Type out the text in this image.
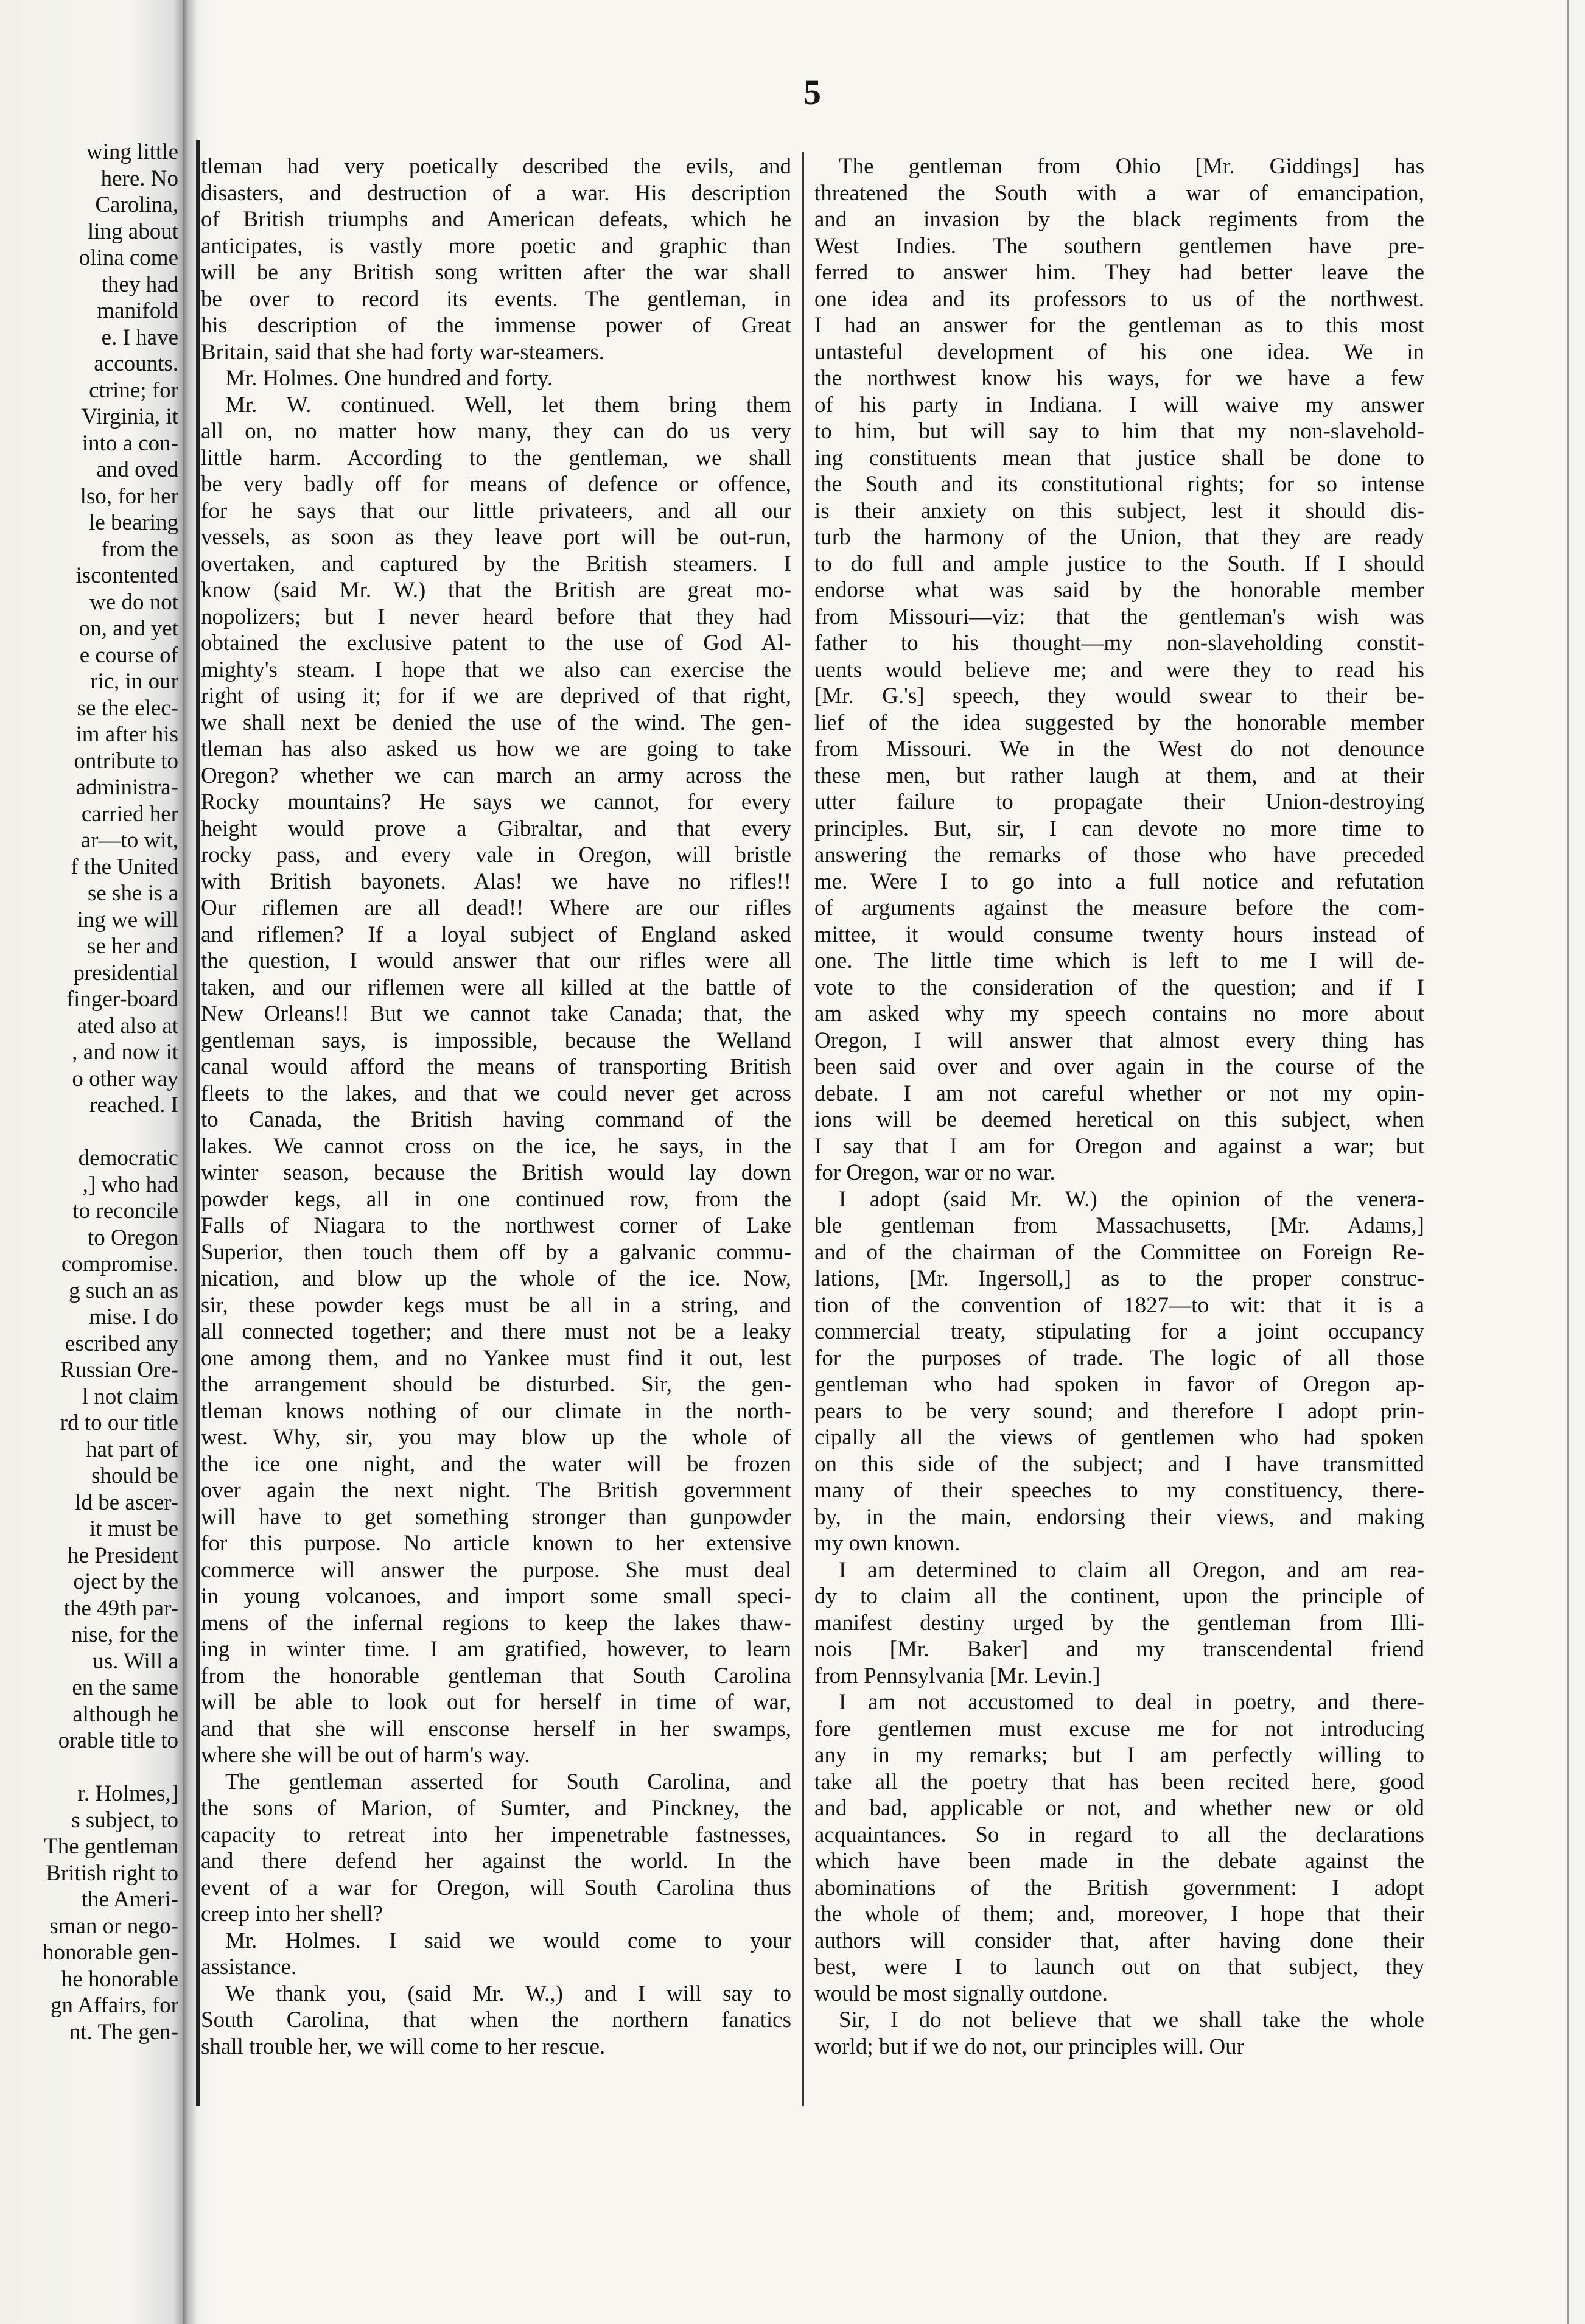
wing little
here. No
Carolina,
ling about
olina come
they had
manifold
e. I have
accounts.
ctrine; for
Virginia, it
into a con-
and oved
lso, for her
le bearing
from the
iscontented
we do not
on, and yet
e course of
ric, in our
se the elec-
im after his
ontribute to
administra-
carried her
ar—to wit,
f the United
se she is a
ing we will
se her and
presidential
finger-board
ated also at
, and now it
o other way
reached. I
democratic
,] who had
to reconcile
to Oregon
compromise.
g such an as
mise. I do
escribed any
Russian Ore-
l not claim
rd to our title
hat part of
should be
ld be ascer-
it must be
he President
oject by the
the 49th par-
nise, for the
us. Will a
en the same
although he
orable title to
r. Holmes,]
s subject, to
The gentleman
British right to
the Ameri-
sman or nego-
honorable gen-
he honorable
gn Affairs, for
nt. The gen-
5
tleman had very poetically described the evils, and
disasters, and destruction of a war. His description
of British triumphs and American defeats, which he
anticipates, is vastly more poetic and graphic than
will be any British song written after the war shall
be over to record its events. The gentleman, in
his description of the immense power of Great
Britain, said that she had forty war-steamers.
Mr. Holmes. One hundred and forty.
Mr. W. continued. Well, let them bring them
all on, no matter how many, they can do us very
little harm. According to the gentleman, we shall
be very badly off for means of defence or offence,
for he says that our little privateers, and all our
vessels, as soon as they leave port will be out-run,
overtaken, and captured by the British steamers. I
know (said Mr. W.) that the British are great mo-
nopolizers; but I never heard before that they had
obtained the exclusive patent to the use of God Al-
mighty's steam. I hope that we also can exercise the
right of using it; for if we are deprived of that right,
we shall next be denied the use of the wind. The gen-
tleman has also asked us how we are going to take
Oregon? whether we can march an army across the
Rocky mountains? He says we cannot, for every
height would prove a Gibraltar, and that every
rocky pass, and every vale in Oregon, will bristle
with British bayonets. Alas! we have no rifles!!
Our riflemen are all dead!! Where are our rifles
and riflemen? If a loyal subject of England asked
the question, I would answer that our rifles were all
taken, and our riflemen were all killed at the battle of
New Orleans!! But we cannot take Canada; that, the
gentleman says, is impossible, because the Welland
canal would afford the means of transporting British
fleets to the lakes, and that we could never get across
to Canada, the British having command of the
lakes. We cannot cross on the ice, he says, in the
winter season, because the British would lay down
powder kegs, all in one continued row, from the
Falls of Niagara to the northwest corner of Lake
Superior, then touch them off by a galvanic commu-
nication, and blow up the whole of the ice. Now,
sir, these powder kegs must be all in a string, and
all connected together; and there must not be a leaky
one among them, and no Yankee must find it out, lest
the arrangement should be disturbed. Sir, the gen-
tleman knows nothing of our climate in the north-
west. Why, sir, you may blow up the whole of
the ice one night, and the water will be frozen
over again the next night. The British government
will have to get something stronger than gunpowder
for this purpose. No article known to her extensive
commerce will answer the purpose. She must deal
in young volcanoes, and import some small speci-
mens of the infernal regions to keep the lakes thaw-
ing in winter time. I am gratified, however, to learn
from the honorable gentleman that South Carolina
will be able to look out for herself in time of war,
and that she will ensconse herself in her swamps,
where she will be out of harm's way.
The gentleman asserted for South Carolina, and
the sons of Marion, of Sumter, and Pinckney, the
capacity to retreat into her impenetrable fastnesses,
and there defend her against the world. In the
event of a war for Oregon, will South Carolina thus
creep into her shell?
Mr. Holmes. I said we would come to your
assistance.
We thank you, (said Mr. W.,) and I will say to
South Carolina, that when the northern fanatics
shall trouble her, we will come to her rescue.
The gentleman from Ohio [Mr. Giddings] has
threatened the South with a war of emancipation,
and an invasion by the black regiments from the
West Indies. The southern gentlemen have pre-
ferred to answer him. They had better leave the
one idea and its professors to us of the northwest.
I had an answer for the gentleman as to this most
untasteful development of his one idea. We in
the northwest know his ways, for we have a few
of his party in Indiana. I will waive my answer
to him, but will say to him that my non-slavehold-
ing constituents mean that justice shall be done to
the South and its constitutional rights; for so intense
is their anxiety on this subject, lest it should dis-
turb the harmony of the Union, that they are ready
to do full and ample justice to the South. If I should
endorse what was said by the honorable member
from Missouri—viz: that the gentleman's wish was
father to his thought—my non-slaveholding constit-
uents would believe me; and were they to read his
[Mr. G.'s] speech, they would swear to their be-
lief of the idea suggested by the honorable member
from Missouri. We in the West do not denounce
these men, but rather laugh at them, and at their
utter failure to propagate their Union-destroying
principles. But, sir, I can devote no more time to
answering the remarks of those who have preceded
me. Were I to go into a full notice and refutation
of arguments against the measure before the com-
mittee, it would consume twenty hours instead of
one. The little time which is left to me I will de-
vote to the consideration of the question; and if I
am asked why my speech contains no more about
Oregon, I will answer that almost every thing has
been said over and over again in the course of the
debate. I am not careful whether or not my opin-
ions will be deemed heretical on this subject, when
I say that I am for Oregon and against a war; but
for Oregon, war or no war.
I adopt (said Mr. W.) the opinion of the venera-
ble gentleman from Massachusetts, [Mr. Adams,]
and of the chairman of the Committee on Foreign Re-
lations, [Mr. Ingersoll,] as to the proper construc-
tion of the convention of 1827—to wit: that it is a
commercial treaty, stipulating for a joint occupancy
for the purposes of trade. The logic of all those
gentleman who had spoken in favor of Oregon ap-
pears to be very sound; and therefore I adopt prin-
cipally all the views of gentlemen who had spoken
on this side of the subject; and I have transmitted
many of their speeches to my constituency, there-
by, in the main, endorsing their views, and making
my own known.
I am determined to claim all Oregon, and am rea-
dy to claim all the continent, upon the principle of
manifest destiny urged by the gentleman from Illi-
nois [Mr. Baker] and my transcendental friend
from Pennsylvania [Mr. Levin.]
I am not accustomed to deal in poetry, and there-
fore gentlemen must excuse me for not introducing
any in my remarks; but I am perfectly willing to
take all the poetry that has been recited here, good
and bad, applicable or not, and whether new or old
acquaintances. So in regard to all the declarations
which have been made in the debate against the
abominations of the British government: I adopt
the whole of them; and, moreover, I hope that their
authors will consider that, after having done their
best, were I to launch out on that subject, they
would be most signally outdone.
Sir, I do not believe that we shall take the whole
world; but if we do not, our principles will. Our
